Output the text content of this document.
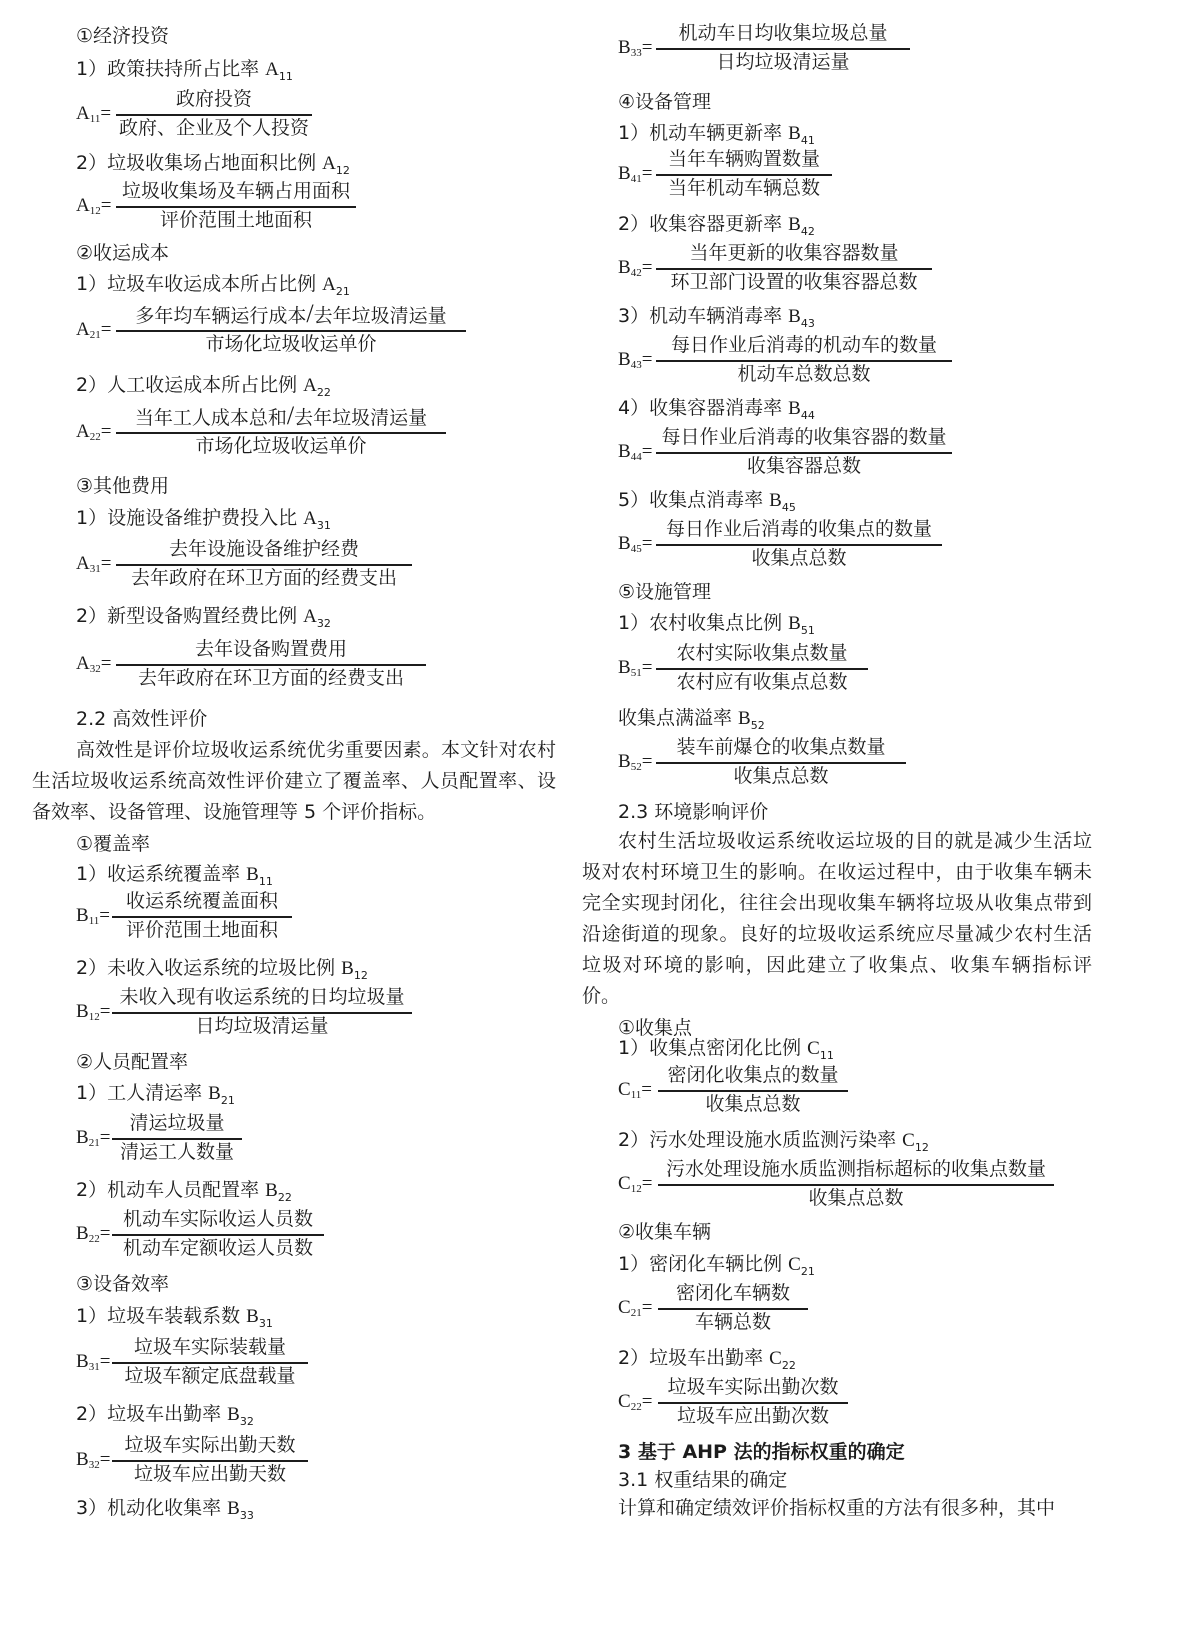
①经济投资
1）政策扶持所占比率 $A_{11}$
$A_{11}=$
政府投资
政府、企业及个人投资
2）垃圾收集场占地面积比例 $A_{12}$
$A_{12}=$
垃圾收集场及车辆占用面积
评价范围土地面积
②收运成本
1）垃圾车收运成本所占比例 $A_{21}$
$A_{21}=$
多年均车辆运行成本/去年垃圾清运量
市场化垃圾收运单价
2）人工收运成本所占比例 $A_{22}$
$A_{22}=$
当年工人成本总和/去年垃圾清运量
市场化垃圾收运单价
③其他费用
1）设施设备维护费投入比 $A_{31}$
$A_{31}=$
去年设施设备维护经费
去年政府在环卫方面的经费支出
2）新型设备购置经费比例 $A_{32}$
$A_{32}=$
去年设备购置费用
去年政府在环卫方面的经费支出
2.2 高效性评价
高效性是评价垃圾收运系统优劣重要因素。本文针对农村生活垃圾收运系统高效性评价建立了覆盖率、人员配置率、设备效率、设备管理、设施管理等 5 个评价指标。
①覆盖率
1）收运系统覆盖率 $B_{11}$
$B_{11}=$
收运系统覆盖面积
评价范围土地面积
2）未收入收运系统的垃圾比例 $B_{12}$
$B_{12}=$
未收入现有收运系统的日均垃圾量
日均垃圾清运量
②人员配置率
1）工人清运率 $B_{21}$
$B_{21}=$
清运垃圾量
清运工人数量
2）机动车人员配置率 $B_{22}$
$B_{22}=$
机动车实际收运人员数
机动车定额收运人员数
③设备效率
1）垃圾车装载系数 $B_{31}$
$B_{31}=$
垃圾车实际装载量
垃圾车额定底盘载量
2）垃圾车出勤率 $B_{32}$
$B_{32}=$
垃圾车实际出勤天数
垃圾车应出勤天数
3）机动化收集率 $B_{33}$
$B_{33}=$
机动车日均收集垃圾总量
日均垃圾清运量
④设备管理
1）机动车辆更新率 $B_{41}$
$B_{41}=$
当年车辆购置数量
当年机动车辆总数
2）收集容器更新率 $B_{42}$
$B_{42}=$
当年更新的收集容器数量
环卫部门设置的收集容器总数
3）机动车辆消毒率 $B_{43}$
$B_{43}=$
每日作业后消毒的机动车的数量
机动车总数总数
4）收集容器消毒率 $B_{44}$
$B_{44}=$
每日作业后消毒的收集容器的数量
收集容器总数
5）收集点消毒率 $B_{45}$
$B_{45}=$
每日作业后消毒的收集点的数量
收集点总数
⑤设施管理
1）农村收集点比例 $B_{51}$
$B_{51}=$
农村实际收集点数量
农村应有收集点总数
收集点满溢率 $B_{52}$
$B_{52}=$
装车前爆仓的收集点数量
收集点总数
2.3 环境影响评价
农村生活垃圾收运系统收运垃圾的目的就是减少生活垃圾对农村环境卫生的影响。在收运过程中，由于收集车辆未完全实现封闭化，往往会出现收集车辆将垃圾从收集点带到沿途街道的现象。良好的垃圾收运系统应尽量减少农村生活垃圾对环境的影响，因此建立了收集点、收集车辆指标评价。
①收集点
1）收集点密闭化比例 $C_{11}$
$C_{11}=$
密闭化收集点的数量
收集点总数
2）污水处理设施水质监测污染率 $C_{12}$
$C_{12}=$
污水处理设施水质监测指标超标的收集点数量
收集点总数
②收集车辆
1）密闭化车辆比例 $C_{21}$
$C_{21}=$
密闭化车辆数
车辆总数
2）垃圾车出勤率 $C_{22}$
$C_{22}=$
垃圾车实际出勤次数
垃圾车应出勤次数
3 基于 AHP 法的指标权重的确定
3.1 权重结果的确定
计算和确定绩效评价指标权重的方法有很多种，其中
